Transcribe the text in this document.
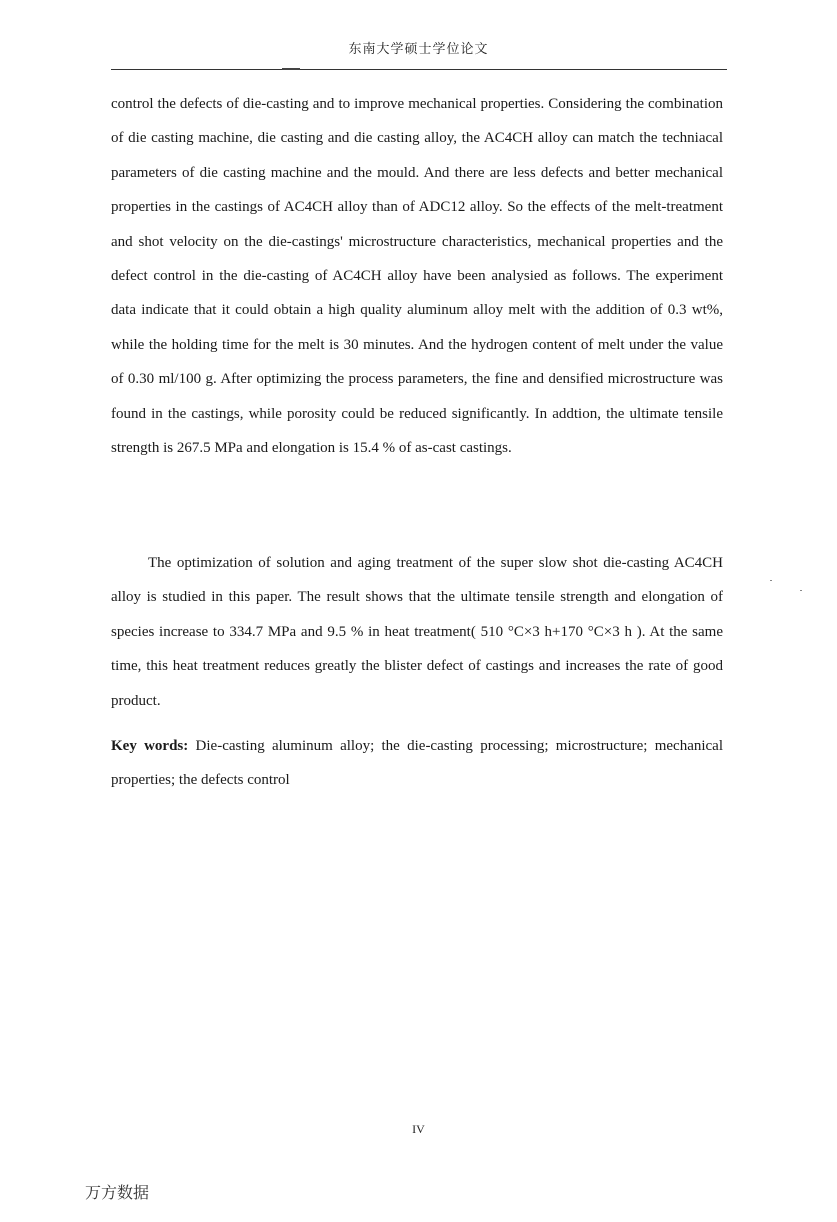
东南大学硕士学位论文

control the defects of die-casting and to improve mechanical properties. Considering the combination of die casting machine, die casting and die casting alloy, the AC4CH alloy can match the techniacal parameters of die casting machine and the mould. And there are less defects and better mechanical properties in the castings of AC4CH alloy than of ADC12 alloy. So the effects of the melt-treatment and shot velocity on the die-castings' microstructure characteristics, mechanical properties and the defect control in the die-casting of AC4CH alloy have been analysied as follows. The experiment data indicate that it could obtain a high quality aluminum alloy melt with the addition of 0.3 wt%, while the holding time for the melt is 30 minutes. And the hydrogen content of melt under the value of 0.30 ml/100 g. After optimizing the process parameters, the fine and densified microstructure was found in the castings, while porosity could be reduced significantly. In addtion, the ultimate tensile strength is 267.5 MPa and elongation is 15.4 % of as-cast castings.

The optimization of solution and aging treatment of the super slow shot die-casting AC4CH alloy is studied in this paper. The result shows that the ultimate tensile strength and elongation of species increase to 334.7 MPa and 9.5 % in heat treatment( 510 °C×3 h+170 °C×3 h ). At the same time, this heat treatment reduces greatly the blister defect of castings and increases the rate of good product.

Key words: Die-casting aluminum alloy; the die-casting processing; microstructure; mechanical properties; the defects control

IV
万方数据
